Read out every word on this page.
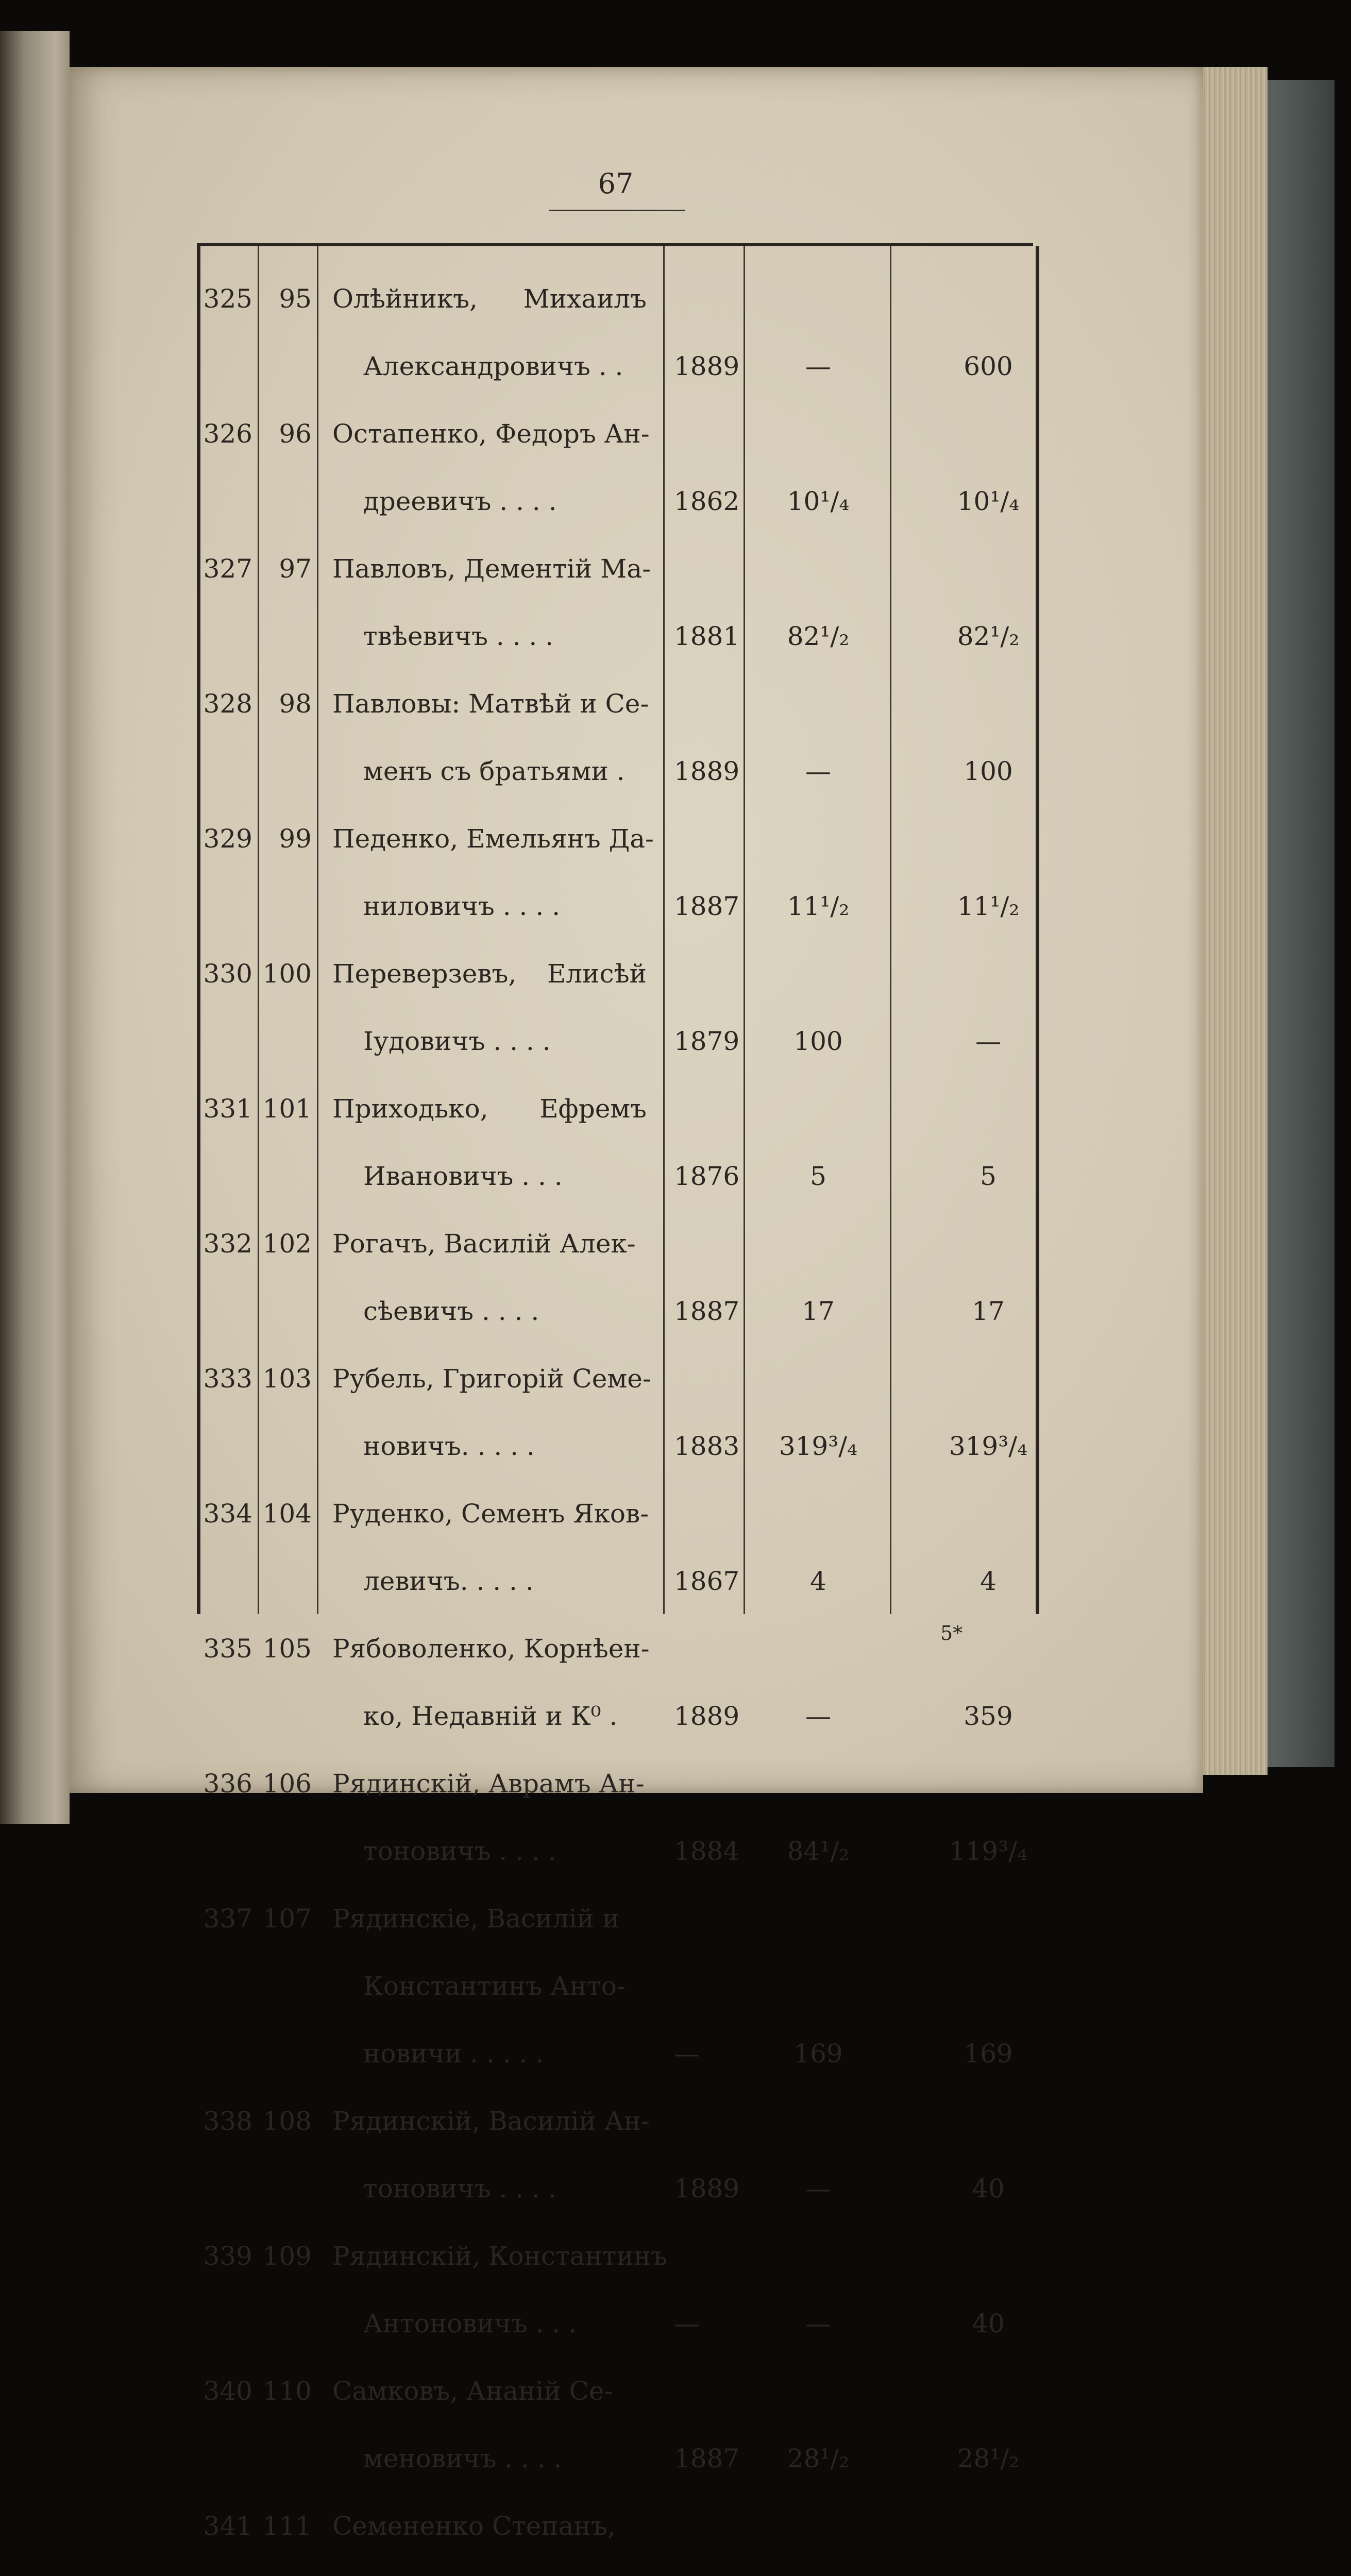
67
325	95 Олѣйникъ, Михаилъ
Александровичъ . . 1889	—	600
326	96 Остапенко, Федоръ Ан-
дреевичъ . . . .	1862	10¹/₄	10¹/₄
327	97 Павловъ, Дементій Ма-
твѣевичъ . . . .	1881	82¹/₂	82¹/₂
328	98 Павловы: Матвѣй и Се-
менъ съ братьями . 1889	—	100
329	99 Педенко, Емельянъ Да-
ниловичъ . . . .	1887	11¹/₂	11¹/₂
330 100 Переверзевъ, Елисѣй
Іудовичъ . . . .	1879	100	—
331 101 Приходько, Ефремъ
Ивановичъ . . .	1876	5	5
332 102 Рогачъ, Василій Алек-
сѣевичъ . . . .	1887	17	17
333 103 Рубель, Григорій Семе-
новичъ. . . . .	1883	319³/₄	319³/₄
334 104 Руденко, Семенъ Яков-
левичъ. . . . .	1867	4	4
335 105 Рябоволенко, Корнѣен-
ко, Недавній и К⁰ . 1889	—	359
336 106 Рядинскій, Аврамъ Ан-
тоновичъ . . . .	1884	84¹/₂	119³/₄
337 107 Рядинскіе, Василій и
Константинъ Анто-
новичи . . . . .	—	169	169
338 108 Рядинскій, Василій Ан-
тоновичъ . . . .	1889	—	40
339 109 Рядинскій, Константинъ
Антоновичъ . . .	—	—	40
340 110 Самковъ, Ананій Се-
меновичъ . . . .	1887	28¹/₂	28¹/₂
341 111 Семененко Степанъ,
5*
